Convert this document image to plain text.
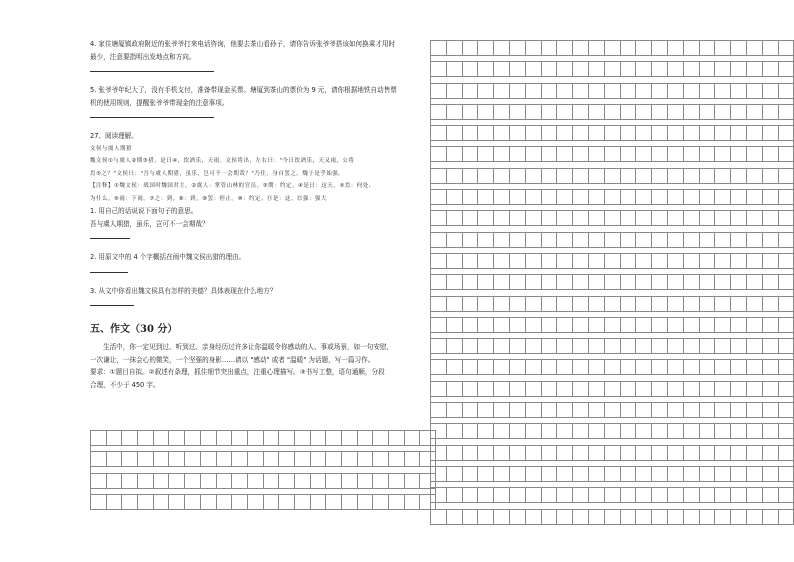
4. 家住塘厦镇政府附近的张爷爷打来电话咨询，他要去茶山看孙子，请你告诉张爷爷搭该如何换乘才用时

最少，注意要指明出发地点和方向。

5. 张爷爷年纪大了，没有手机支付，准备带现金买票。塘厦到茶山的票价为 9 元，请你根据地铁自动售票

机的使用规则，提醒张爷爷带现金的注意事项。

27、阅读理解。

文侯与虞人期猎

魏文侯①与虞人②期③猎。是日④，饮酒乐，天雨。文侯将出，左右曰："今日饮酒乐，天又雨，公将

焉⑤之？"文侯曰："吾与虞人期猎，虽乐，岂可不一会期哉？"乃往，身自罢之。魏于是乎始强。

【注释】①魏文侯：战国时魏国君主。②虞人：掌管山林的官员。③期：约定。④是日：这天。⑤焉：何处、

为什么。⑥雨：下雨。⑦之：到。⑧：到。⑨罢：停止。⑩：约定。⑪是：这。⑫强：强大

1. 用自己的话说说下面句子的意思。

吾与虞人期猎，虽乐，岂可不一会期哉？

2. 用原文中的 4 个字概括在雨中魏文侯出猎的理由。

3. 从文中你看出魏文侯具有怎样的美德？具体表现在什么地方？

五、作文（30 分）

生活中，你一定见到过、听到过、亲身经历过许多让你温暖令你感动的人、事或场景，如一句安慰，

一次谦让，一抹会心的微笑，一个坚强的身影……请以 "感动" 或者 "温暖" 为话题，写一篇习作。

要求：①题目自拟。②叙述有条理，抓住细节突出重点，注重心理描写。③书写工整，语句通顺，分段

合理，不少于 450 字。
